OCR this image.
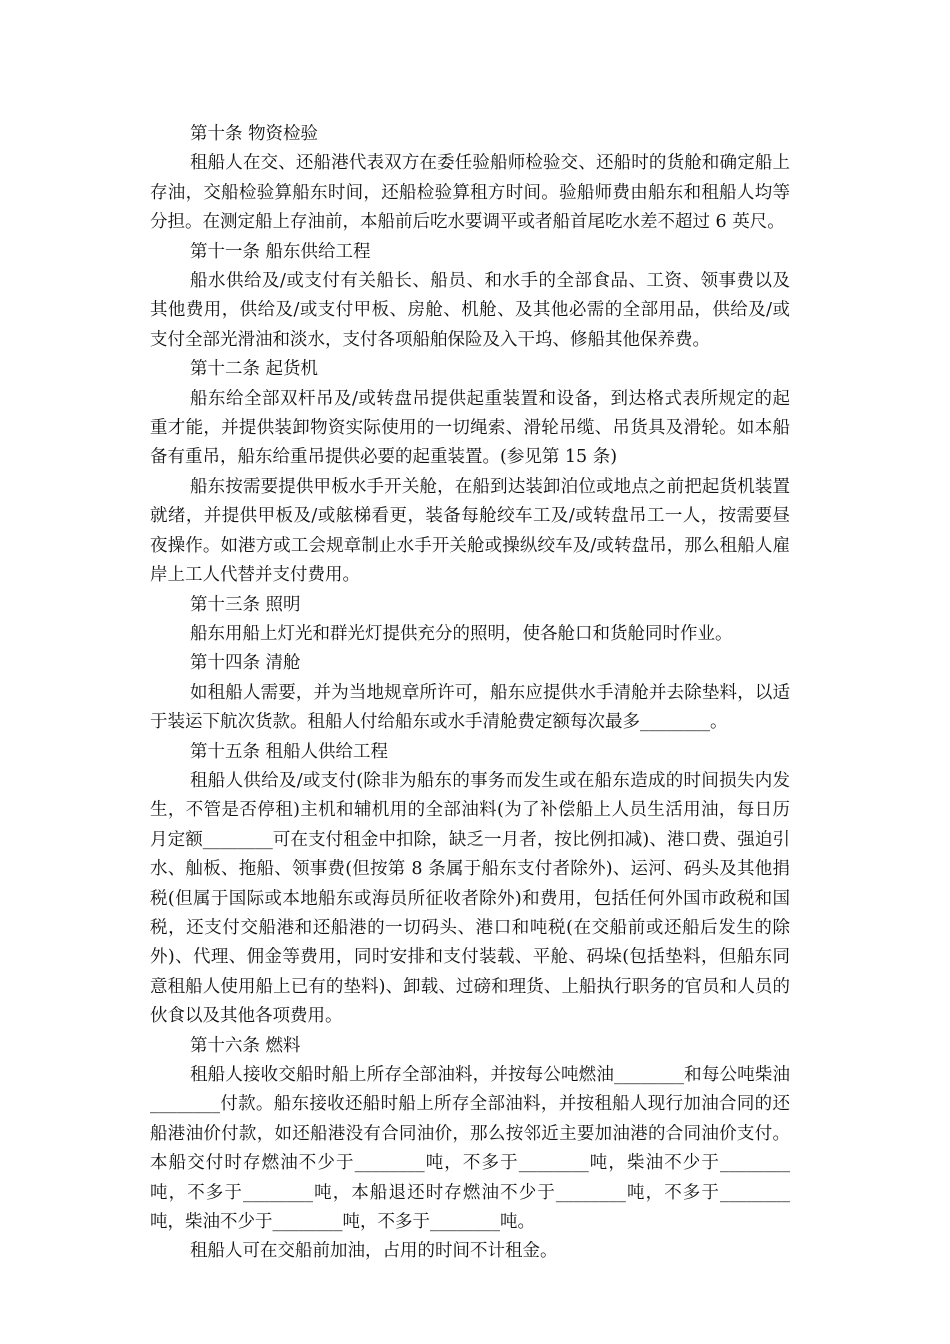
第十条 物资检验

租船人在交、还船港代表双方在委任验船师检验交、还船时的货舱和确定船上存油，交船检验算船东时间，还船检验算租方时间。验船师费由船东和租船人均等分担。在测定船上存油前，本船前后吃水要调平或者船首尾吃水差不超过 6 英尺。

第十一条 船东供给工程

船水供给及/或支付有关船长、船员、和水手的全部食品、工资、领事费以及其他费用，供给及/或支付甲板、房舱、机舱、及其他必需的全部用品，供给及/或支付全部光滑油和淡水，支付各项船舶保险及入干坞、修船其他保养费。

第十二条 起货机

船东给全部双杆吊及/或转盘吊提供起重装置和设备，到达格式表所规定的起重才能，并提供装卸物资实际使用的一切绳索、滑轮吊缆、吊货具及滑轮。如本船备有重吊，船东给重吊提供必要的起重装置。(参见第 15 条)

船东按需要提供甲板水手开关舱，在船到达装卸泊位或地点之前把起货机装置就绪，并提供甲板及/或舷梯看更，装备每舱绞车工及/或转盘吊工一人，按需要昼夜操作。如港方或工会规章制止水手开关舱或操纵绞车及/或转盘吊，那么租船人雇岸上工人代替并支付费用。

第十三条 照明

船东用船上灯光和群光灯提供充分的照明，使各舱口和货舱同时作业。

第十四条 清舱

如租船人需要，并为当地规章所许可，船东应提供水手清舱并去除垫料，以适于装运下航次货款。租船人付给船东或水手清舱费定额每次最多________。

第十五条 租船人供给工程

租船人供给及/或支付(除非为船东的事务而发生或在船东造成的时间损失内发生，不管是否停租)主机和辅机用的全部油料(为了补偿船上人员生活用油，每日历月定额________可在支付租金中扣除，缺乏一月者，按比例扣减)、港口费、强迫引水、舢板、拖船、领事费(但按第 8 条属于船东支付者除外)、运河、码头及其他捐税(但属于国际或本地船东或海员所征收者除外)和费用，包括任何外国市政税和国税，还支付交船港和还船港的一切码头、港口和吨税(在交船前或还船后发生的除外)、代理、佣金等费用，同时安排和支付装载、平舱、码垛(包括垫料，但船东同意租船人使用船上已有的垫料)、卸载、过磅和理货、上船执行职务的官员和人员的伙食以及其他各项费用。

第十六条 燃料

租船人接收交船时船上所存全部油料，并按每公吨燃油________和每公吨柴油________付款。船东接收还船时船上所存全部油料，并按租船人现行加油合同的还船港油价付款，如还船港没有合同油价，那么按邻近主要加油港的合同油价支付。本船交付时存燃油不少于________吨，不多于________吨，柴油不少于________吨，不多于________吨，本船退还时存燃油不少于________吨，不多于________吨，柴油不少于________吨，不多于________吨。

租船人可在交船前加油，占用的时间不计租金。
